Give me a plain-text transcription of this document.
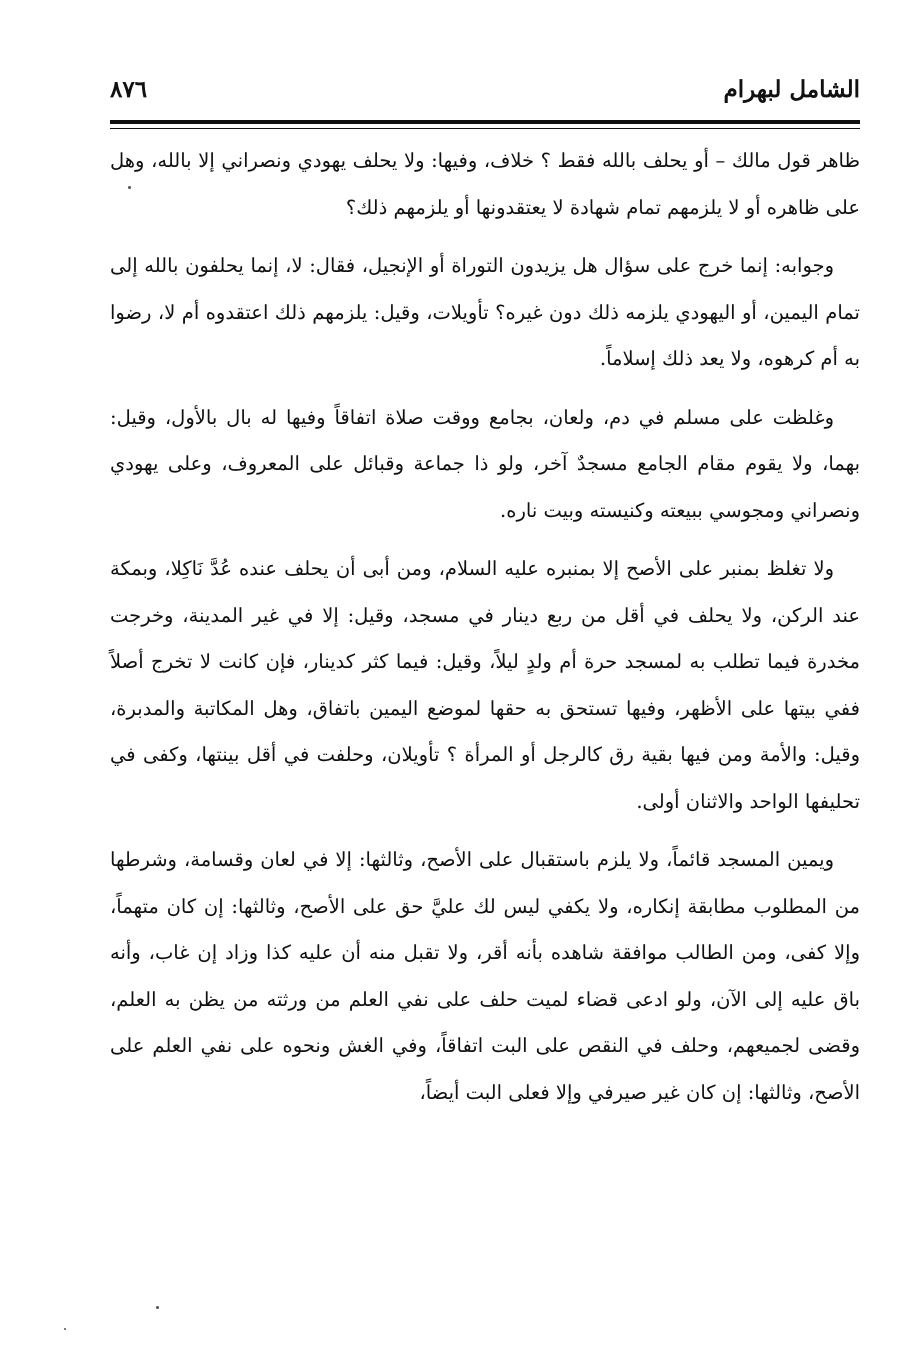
الشامل لبهرام
٨٧٦

ظاهر قول مالك – أو يحلف بالله فقط ؟ خلاف، وفيها: ولا يحلف يهودي ونصراني إلا بالله، وهل على ظاهره أو لا يلزمهم تمام شهادة لا يعتقدونها أو يلزمهم ذلك؟

وجوابه: إنما خرج على سؤال هل يزيدون التوراة أو الإنجيل، فقال: لا، إنما يحلفون بالله إلى تمام اليمين، أو اليهودي يلزمه ذلك دون غيره؟ تأويلات، وقيل: يلزمهم ذلك اعتقدوه أم لا، رضوا به أم كرهوه، ولا يعد ذلك إسلاماً.

وغلظت على مسلم في دم، ولعان، بجامع ووقت صلاة اتفاقاً وفيها له بال بالأول، وقيل: بهما، ولا يقوم مقام الجامع مسجدٌ آخر، ولو ذا جماعة وقبائل على المعروف، وعلى يهودي ونصراني ومجوسي ببيعته وكنيسته وبيت ناره.

ولا تغلظ بمنبر على الأصح إلا بمنبره عليه السلام، ومن أبى أن يحلف عنده عُدَّ نَاكِلا، وبمكة عند الركن، ولا يحلف في أقل من ربع دينار في مسجد، وقيل: إلا في غير المدينة، وخرجت مخدرة فيما تطلب به لمسجد حرة أم ولدٍ ليلاً، وقيل: فيما كثر كدينار، فإن كانت لا تخرج أصلاً ففي بيتها على الأظهر، وفيها تستحق به حقها لموضع اليمين باتفاق، وهل المكاتبة والمدبرة، وقيل: والأمة ومن فيها بقية رق كالرجل أو المرأة ؟ تأويلان، وحلفت في أقل بينتها، وكفى في تحليفها الواحد والاثنان أولى.

ويمين المسجد قائماً، ولا يلزم باستقبال على الأصح، وثالثها: إلا في لعان وقسامة، وشرطها من المطلوب مطابقة إنكاره، ولا يكفي ليس لك عليَّ حق على الأصح، وثالثها: إن كان متهماً، وإلا كفى، ومن الطالب موافقة شاهده بأنه أقر، ولا تقبل منه أن عليه كذا وزاد إن غاب، وأنه باق عليه إلى الآن، ولو ادعى قضاء لميت حلف على نفي العلم من ورثته من يظن به العلم، وقضى لجميعهم، وحلف في النقص على البت اتفاقاً، وفي الغش ونحوه على نفي العلم على الأصح، وثالثها: إن كان غير صيرفي وإلا فعلى البت أيضاً،
